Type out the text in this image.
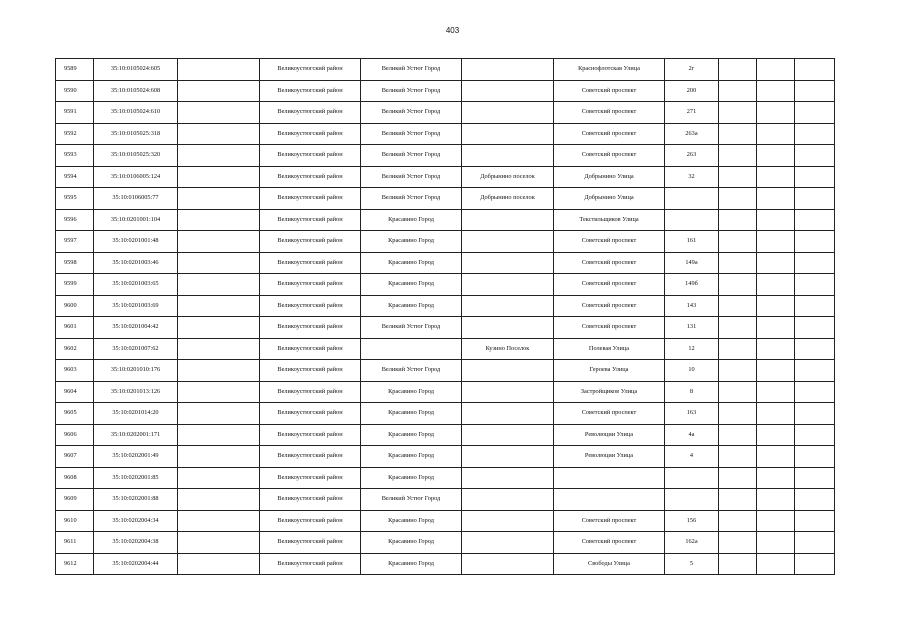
403
9589	35:10:0105024:605		Великоустюгский район	Великий Устюг Город		Краснофлотская Улица	2г			
9590	35:10:0105024:608		Великоустюгский район	Великий Устюг Город		Советский проспект	200			
9591	35:10:0105024:610		Великоустюгский район	Великий Устюг Город		Советский проспект	271			
9592	35:10:0105025:318		Великоустюгский район	Великий Устюг Город		Советский проспект	263а			
9593	35:10:0105025:320		Великоустюгский район	Великий Устюг Город		Советский проспект	263			
9594	35:10:0106005:124		Великоустюгский район	Великий Устюг Город	Добрынино поселок	Добрынино Улица	32			
9595	35:10:0106005:77		Великоустюгский район	Великий Устюг Город	Добрынино поселок	Добрынино Улица				
9596	35:10:0201001:104		Великоустюгский район	Красавино Город		Текстильщиков Улица				
9597	35:10:0201001:48		Великоустюгский район	Красавино Город		Советский проспект	161			
9598	35:10:0201003:46		Великоустюгский район	Красавино Город		Советский проспект	149а			
9599	35:10:0201003:65		Великоустюгский район	Красавино Город		Советский проспект	149б			
9600	35:10:0201003:69		Великоустюгский район	Красавино Город		Советский проспект	143			
9601	35:10:0201004:42		Великоустюгский район	Великий Устюг Город		Советский проспект	131			
9602	35:10:0201007:62		Великоустюгский район		Кузино Поселок	Полевая Улица	12			
9603	35:10:0201010:176		Великоустюгский район	Великий Устюг Город		Героева Улица	10			
9604	35:10:0201013:126		Великоустюгский район	Красавино Город		Застройщиков Улица	8			
9605	35:10:0201014:20		Великоустюгский район	Красавино Город		Советский проспект	163			
9606	35:10:0202001:171		Великоустюгский район	Красавино Город		Революции Улица	4а			
9607	35:10:0202001:49		Великоустюгский район	Красавино Город		Революции Улица	4			
9608	35:10:0202001:85		Великоустюгский район	Красавино Город						
9609	35:10:0202001:88		Великоустюгский район	Великий Устюг Город						
9610	35:10:0202004:34		Великоустюгский район	Красавино Город		Советский проспект	156			
9611	35:10:0202004:38		Великоустюгский район	Красавино Город		Советский проспект	162а			
9612	35:10:0202004:44		Великоустюгский район	Красавино Город		Свободы Улица	5			
